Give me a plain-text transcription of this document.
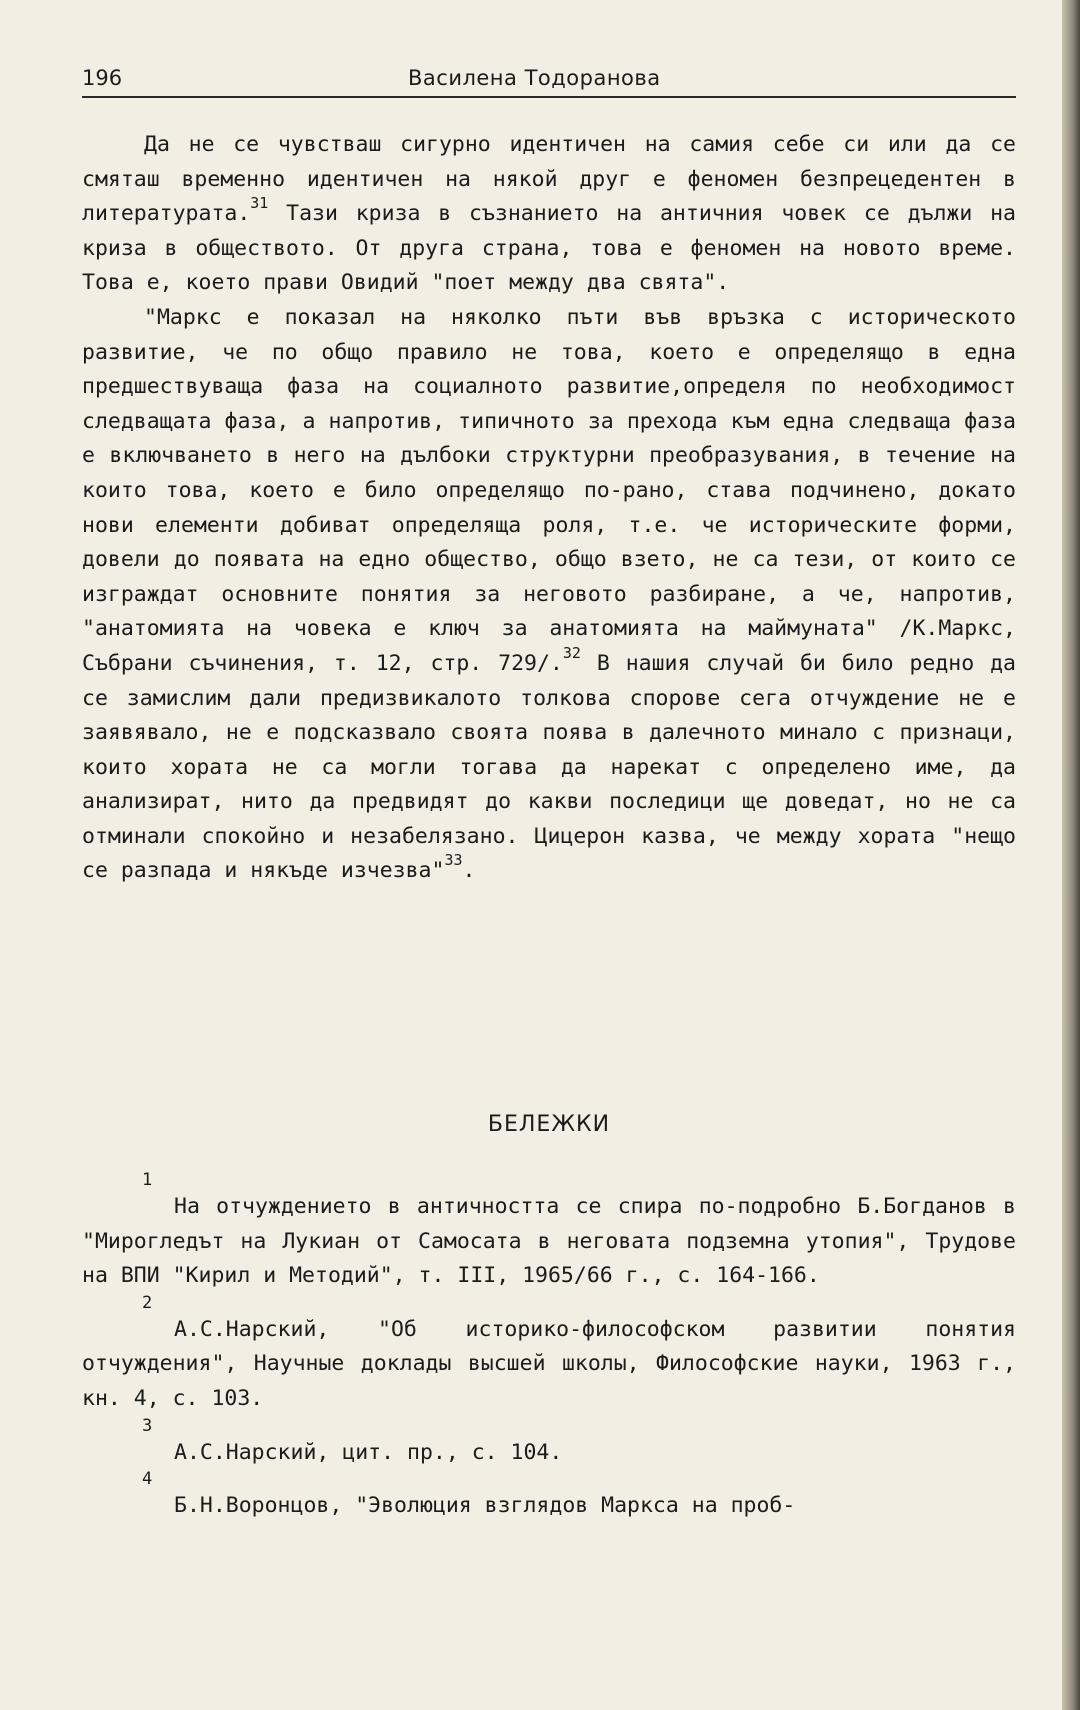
196	Василена Тодоранова

Да не се чувстваш сигурно идентичен на самия себе си или да се смяташ временно идентичен на някой друг е феномен безпрецедентен в литературата.$^{31}$ Тази криза в съзнанието на античния човек се дължи на криза в обществото. От друга страна, това е феномен на новото време. Това е, което прави Овидий "поет между два свята".

"Маркс е показал на няколко пъти във връзка с историческото развитие, че по общо правило не това, което е определящо в една предшествуваща фаза на социалното развитие,определя по необходимост следващата фаза, а напротив, типичното за прехода към една следваща фаза е включването в него на дълбоки структурни преобразувания, в течение на които това, което е било определящо по-рано, става подчинено, докато нови елементи добиват определяща роля, т.е. че историческите форми, довели до появата на едно общество, общо взето, не са тези, от които се изграждат основните понятия за неговото разбиране, а че, напротив, "анатомията на човека е ключ за анатомията на маймуната" /К.Маркс, Събрани съчинения, т. 12, стр. 729/.$^{32}$ В нашия случай би било редно да се замислим дали предизвикалото толкова спорове сега отчуждение не е заявявало, не е подсказвало своята поява в далечното минало с признаци, които хората не са могли тогава да нарекат с определено име, да анализират, нито да предвидят до какви последици ще доведат, но не са отминали спокойно и незабелязано. Цицерон казва, че между хората "нещо се разпада и някъде изчезва"$^{33}$.

БЕЛЕЖКИ
1
На отчуждението в античността се спира по-подробно Б.Богданов в "Мирогледът на Лукиан от Самосата в неговата подземна утопия", Трудове на ВПИ "Кирил и Методий", т. III, 1965/66 г., с. 164-166.
2
А.С.Нарский, "Об историко-философском развитии понятия отчуждения", Научные доклады высшей школы, Философские науки, 1963 г., кн. 4, с. 103.
3
А.С.Нарский, цит. пр., с. 104.
4
Б.Н.Воронцов, "Эволюция взглядов Маркса на проб-
